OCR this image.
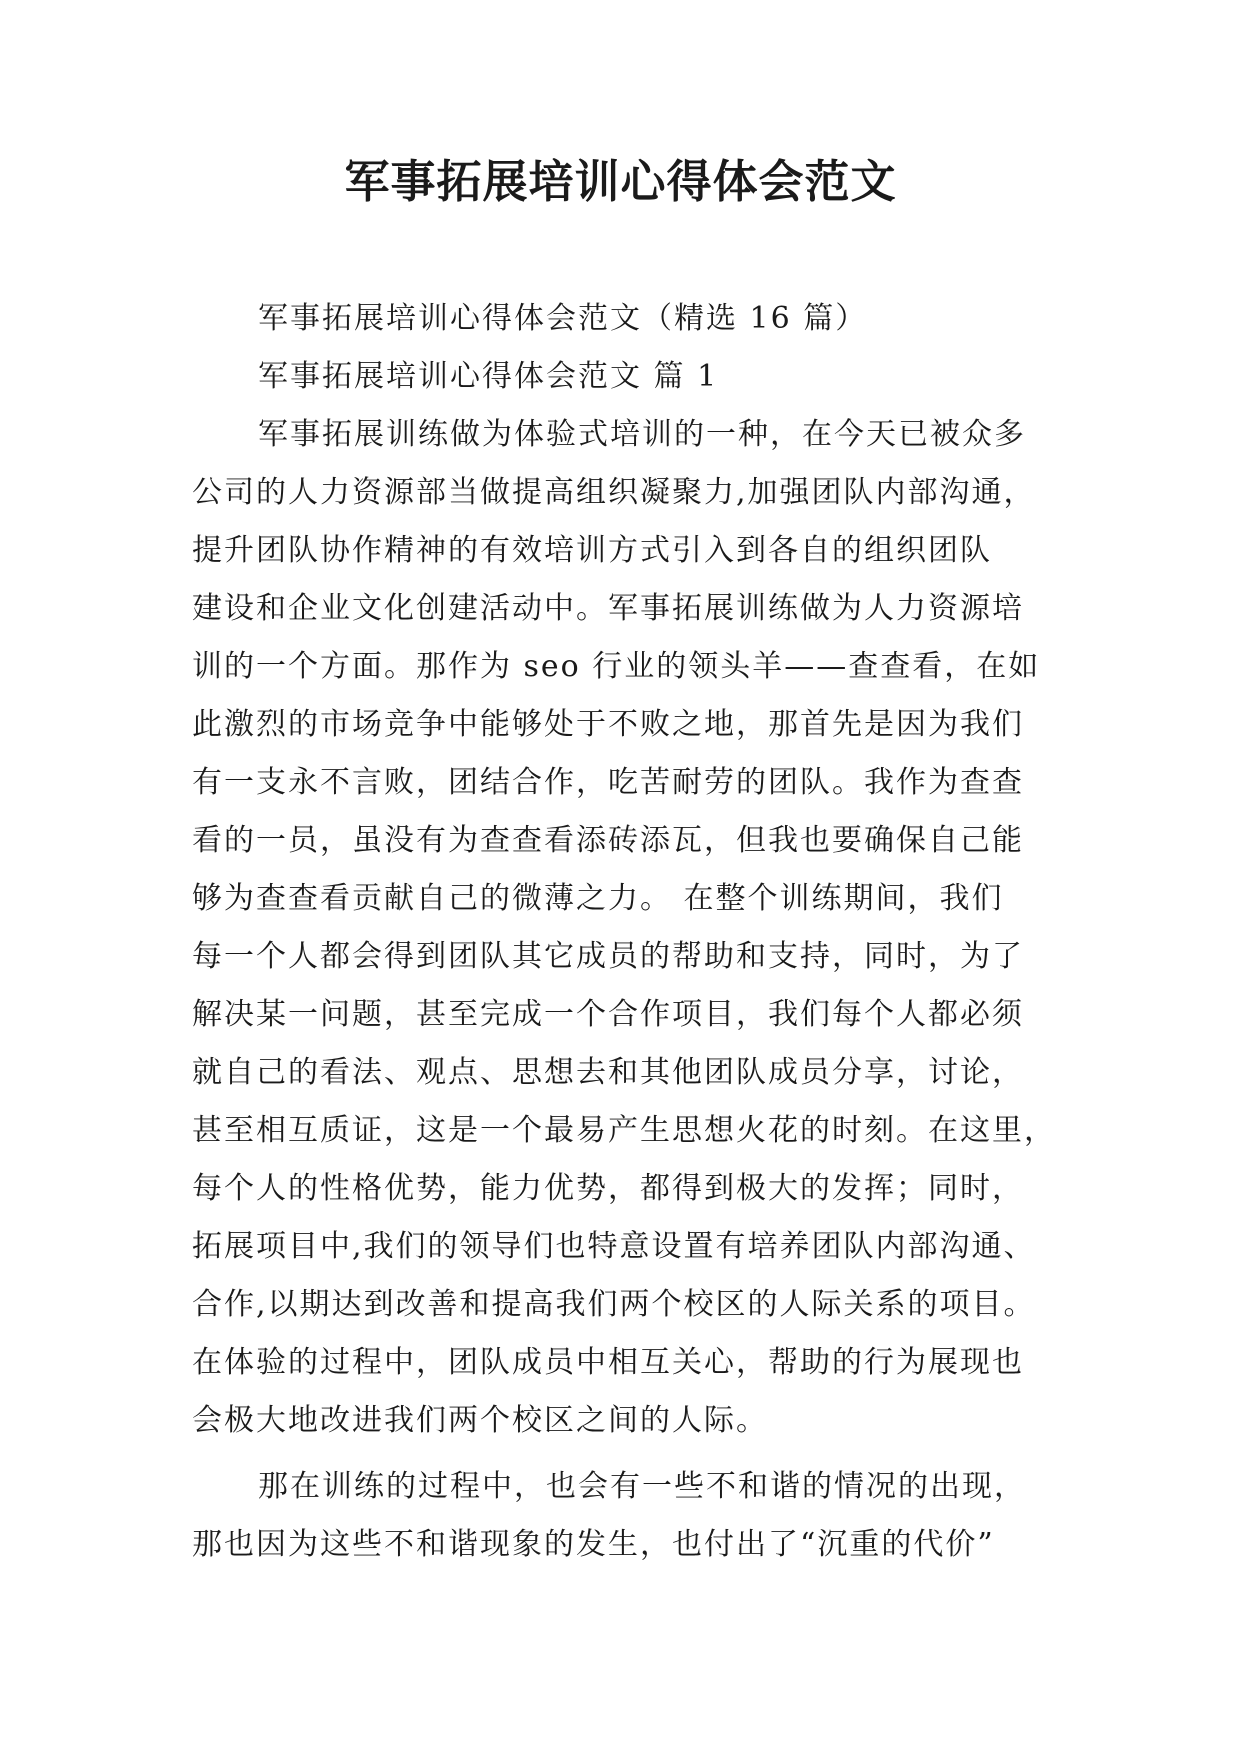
军事拓展培训心得体会范文
军事拓展培训心得体会范文（精选 16 篇）
军事拓展培训心得体会范文 篇 1
军事拓展训练做为体验式培训的一种，在今天已被众多
公司的人力资源部当做提高组织凝聚力,加强团队内部沟通，
提升团队协作精神的有效培训方式引入到各自的组织团队
建设和企业文化创建活动中。军事拓展训练做为人力资源培
训的一个方面。那作为 seo 行业的领头羊——查查看，在如
此激烈的市场竞争中能够处于不败之地，那首先是因为我们
有一支永不言败，团结合作，吃苦耐劳的团队。我作为查查
看的一员，虽没有为查查看添砖添瓦，但我也要确保自己能
够为查查看贡献自己的微薄之力。 在整个训练期间，我们
每一个人都会得到团队其它成员的帮助和支持，同时，为了
解决某一问题，甚至完成一个合作项目，我们每个人都必须
就自己的看法、观点、思想去和其他团队成员分享，讨论，
甚至相互质证，这是一个最易产生思想火花的时刻。在这里，
每个人的性格优势，能力优势，都得到极大的发挥；同时，
拓展项目中,我们的领导们也特意设置有培养团队内部沟通、
合作,以期达到改善和提高我们两个校区的人际关系的项目。
在体验的过程中，团队成员中相互关心，帮助的行为展现也
会极大地改进我们两个校区之间的人际。
那在训练的过程中，也会有一些不和谐的情况的出现，
那也因为这些不和谐现象的发生，也付出了“沉重的代价”
